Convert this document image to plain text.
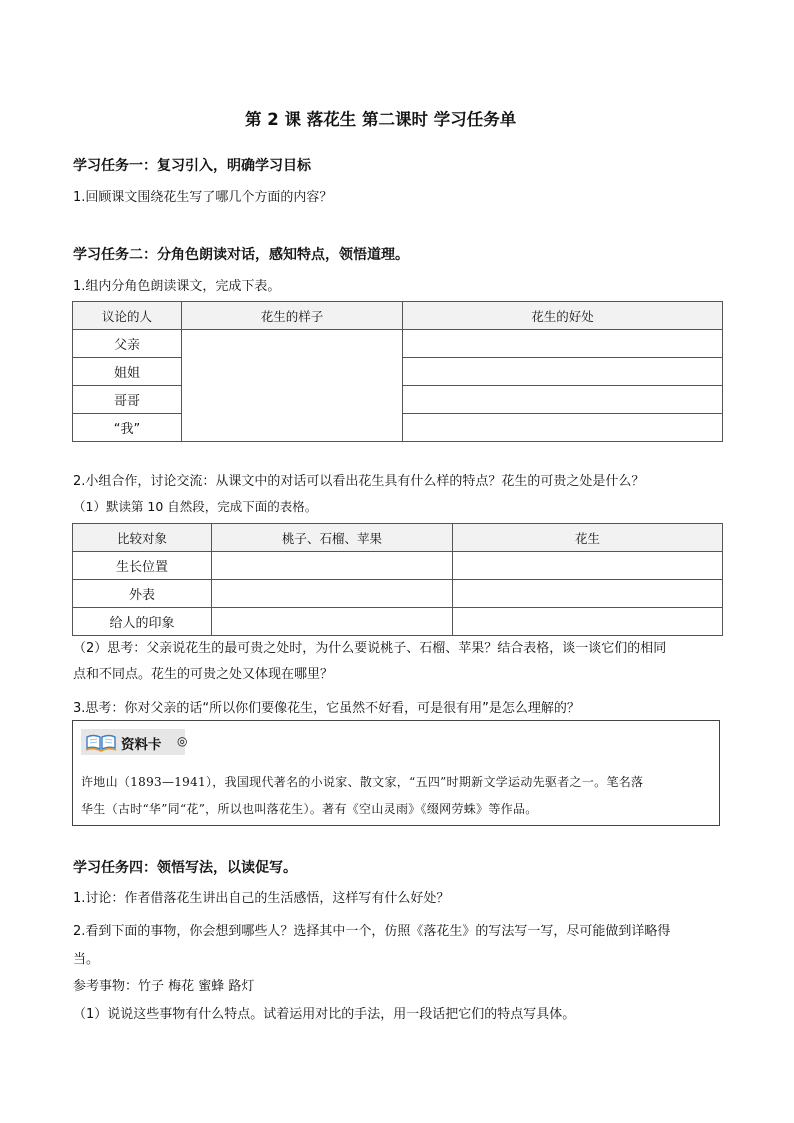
第 2 课 落花生 第二课时 学习任务单
学习任务一：复习引入，明确学习目标
1.回顾课文围绕花生写了哪几个方面的内容？
学习任务二：分角色朗读对话，感知特点，领悟道理。
1.组内分角色朗读课文，完成下表。
议论的人	花生的样子	花生的好处
父亲		
姐姐		
哥哥		
“我”		
2.小组合作，讨论交流：从课文中的对话可以看出花生具有什么样的特点？花生的可贵之处是什么？
（1）默读第 10 自然段，完成下面的表格。
比较对象	桃子、石榴、苹果	花生
生长位置		
外表		
给人的印象		
（2）思考：父亲说花生的最可贵之处时，为什么要说桃子、石榴、苹果？结合表格，谈一谈它们的相同
点和不同点。花生的可贵之处又体现在哪里？
3.思考：你对父亲的话“所以你们要像花生，它虽然不好看，可是很有用”是怎么理解的？
资料卡 ◎
许地山（1893—1941），我国现代著名的小说家、散文家，“五四”时期新文学运动先驱者之一。笔名落
华生（古时“华”同“花”，所以也叫落花生）。著有《空山灵雨》《缀网劳蛛》等作品。
学习任务四：领悟写法，以读促写。
1.讨论：作者借落花生讲出自己的生活感悟，这样写有什么好处？
2.看到下面的事物，你会想到哪些人？选择其中一个，仿照《落花生》的写法写一写，尽可能做到详略得
当。
参考事物：竹子 梅花 蜜蜂 路灯
（1）说说这些事物有什么特点。试着运用对比的手法，用一段话把它们的特点写具体。
